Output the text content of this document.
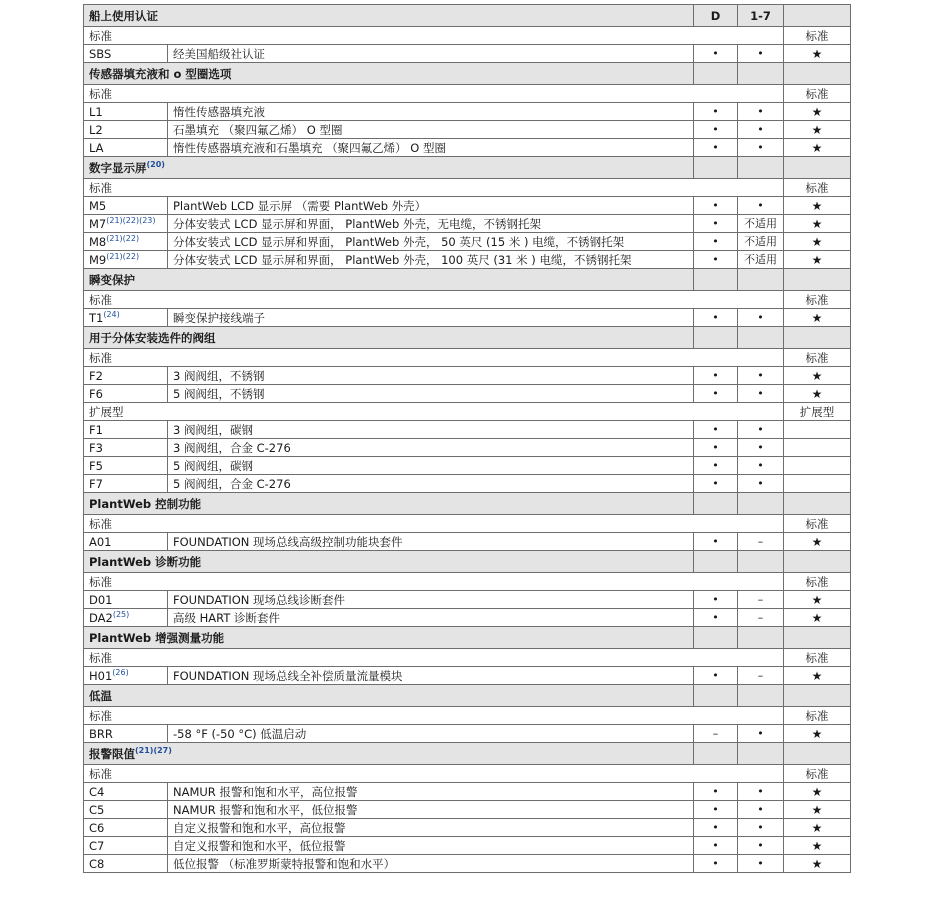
船上使用认证		D	1-7	
标准				标准
SBS	经美国船级社认证	•	•	★
传感器填充液和 o 型圈选项				
标准				标准
L1	惰性传感器填充液	•	•	★
L2	石墨填充 （聚四氟乙烯） O 型圈	•	•	★
LA	惰性传感器填充液和石墨填充 （聚四氟乙烯） O 型圈	•	•	★
数字显示屏$^{(20)}$			
标准				标准
M5	PlantWeb LCD 显示屏 （需要 PlantWeb 外壳）	•	•	★
M7$^{(21)(22)(23)}$	分体安装式 LCD 显示屏和界面， PlantWeb 外壳，无电缆，不锈钢托架	•	不适用	★
M8$^{(21)(22)}$	分体安装式 LCD 显示屏和界面， PlantWeb 外壳， 50 英尺 (15 米 ) 电缆，不锈钢托架	•	不适用	★
M9$^{(21)(22)}$	分体安装式 LCD 显示屏和界面， PlantWeb 外壳， 100 英尺 (31 米 ) 电缆，不锈钢托架	•	不适用	★
瞬变保护				
标准				标准
T1$^{(24)}$	瞬变保护接线端子	•	•	★
用于分体安装选件的阀组				
标准				标准
F2	3 阀阀组，不锈钢	•	•	★
F6	5 阀阀组，不锈钢	•	•	★
扩展型				扩展型
F1	3 阀阀组，碳钢	•	•	
F3	3 阀阀组，合金 C-276	•	•	
F5	5 阀阀组，碳钢	•	•	
F7	5 阀阀组，合金 C-276	•	•	
PlantWeb 控制功能				
标准				标准
A01	FOUNDATION 现场总线高级控制功能块套件	•	–	★
PlantWeb 诊断功能				
标准				标准
D01	FOUNDATION 现场总线诊断套件	•	–	★
DA2$^{(25)}$	高级 HART 诊断套件	•	–	★
PlantWeb 增强测量功能				
标准				标准
H01$^{(26)}$	FOUNDATION 现场总线全补偿质量流量模块	•	–	★
低温				
标准				标准
BRR	-58 °F (-50 °C) 低温启动	–	•	★
报警限值$^{(21)(27)}$			
标准				标准
C4	NAMUR 报警和饱和水平，高位报警	•	•	★
C5	NAMUR 报警和饱和水平，低位报警	•	•	★
C6	自定义报警和饱和水平，高位报警	•	•	★
C7	自定义报警和饱和水平，低位报警	•	•	★
C8	低位报警 （标准罗斯蒙特报警和饱和水平）	•	•	★
